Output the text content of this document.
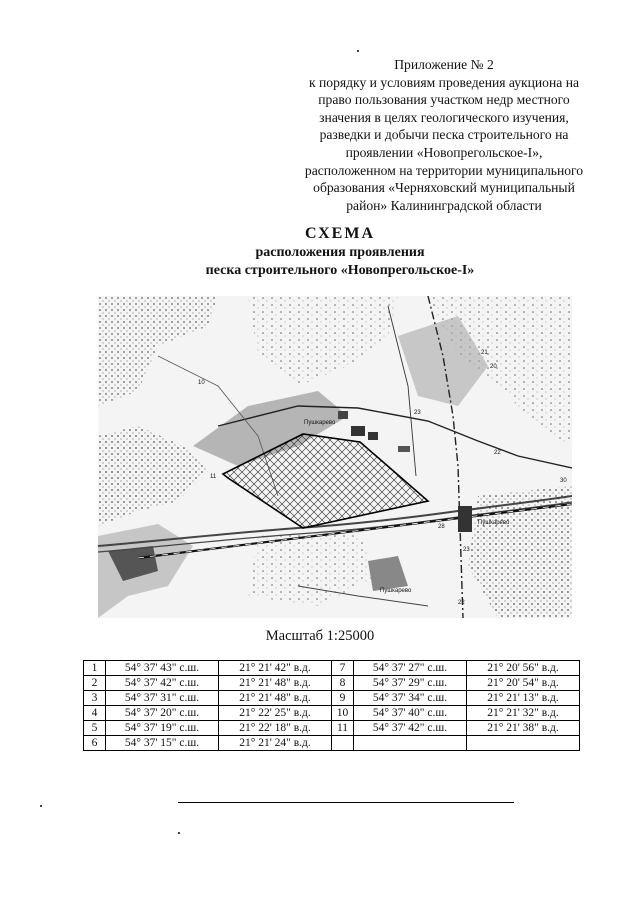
Приложение № 2
к порядку и условиям проведения аукциона на
право пользования участком недр местного
значения в целях геологического изучения,
разведки и добычи песка строительного на
проявлении «Новопрегольское-I»,
расположенном на территории муниципального
образования «Черняховский муниципальный
район» Калининградской области
СХЕМА
расположения проявления
песка строительного «Новопрегольское-I»
Пушкарево
Пушкарево
Пушкарево
10
11
20
21
22
22
23
23
28
30
Масштаб 1:25000
1	54° 37' 43" с.ш.	21° 21' 42" в.д.	7	54° 37' 27" с.ш.	21° 20' 56" в.д.
2	54° 37' 42" с.ш.	21° 21' 48" в.д.	8	54° 37' 29" с.ш.	21° 20' 54" в.д.
3	54° 37' 31" с.ш.	21° 21' 48" в.д.	9	54° 37' 34" с.ш.	21° 21' 13" в.д.
4	54° 37' 20" с.ш.	21° 22' 25" в.д.	10	54° 37' 40" с.ш.	21° 21' 32" в.д.
5	54° 37' 19" с.ш.	21° 22' 18" в.д.	11	54° 37' 42" с.ш.	21° 21' 38" в.д.
6	54° 37' 15" с.ш.	21° 21' 24" в.д.			
